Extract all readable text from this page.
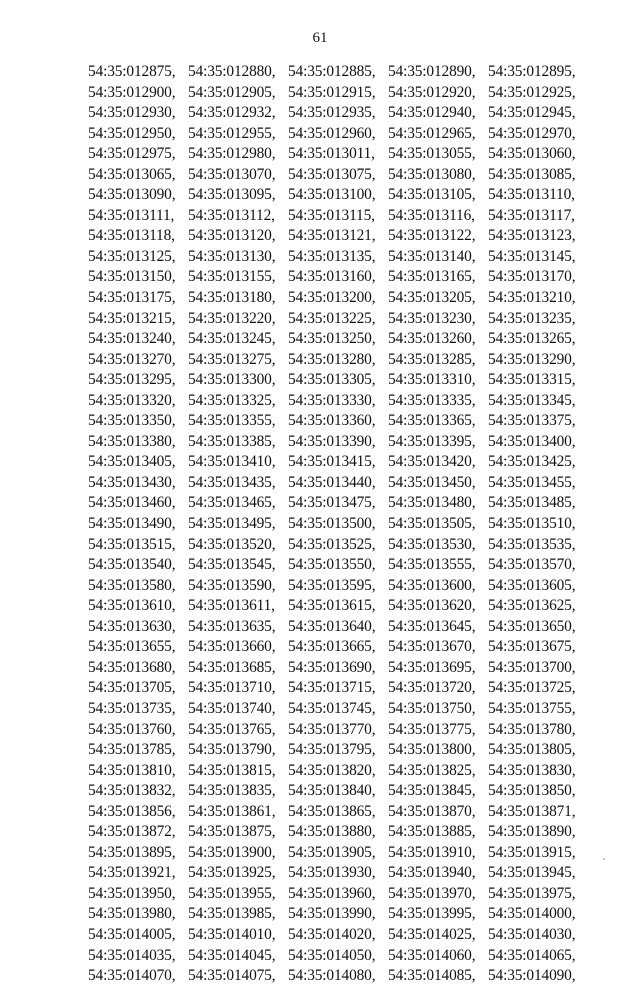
61
54:35:012875, 54:35:012880, 54:35:012885, 54:35:012890, 54:35:012895,
54:35:012900, 54:35:012905, 54:35:012915, 54:35:012920, 54:35:012925,
54:35:012930, 54:35:012932, 54:35:012935, 54:35:012940, 54:35:012945,
54:35:012950, 54:35:012955, 54:35:012960, 54:35:012965, 54:35:012970,
54:35:012975, 54:35:012980, 54:35:013011, 54:35:013055, 54:35:013060,
54:35:013065, 54:35:013070, 54:35:013075, 54:35:013080, 54:35:013085,
54:35:013090, 54:35:013095, 54:35:013100, 54:35:013105, 54:35:013110,
54:35:013111, 54:35:013112, 54:35:013115, 54:35:013116, 54:35:013117,
54:35:013118, 54:35:013120, 54:35:013121, 54:35:013122, 54:35:013123,
54:35:013125, 54:35:013130, 54:35:013135, 54:35:013140, 54:35:013145,
54:35:013150, 54:35:013155, 54:35:013160, 54:35:013165, 54:35:013170,
54:35:013175, 54:35:013180, 54:35:013200, 54:35:013205, 54:35:013210,
54:35:013215, 54:35:013220, 54:35:013225, 54:35:013230, 54:35:013235,
54:35:013240, 54:35:013245, 54:35:013250, 54:35:013260, 54:35:013265,
54:35:013270, 54:35:013275, 54:35:013280, 54:35:013285, 54:35:013290,
54:35:013295, 54:35:013300, 54:35:013305, 54:35:013310, 54:35:013315,
54:35:013320, 54:35:013325, 54:35:013330, 54:35:013335, 54:35:013345,
54:35:013350, 54:35:013355, 54:35:013360, 54:35:013365, 54:35:013375,
54:35:013380, 54:35:013385, 54:35:013390, 54:35:013395, 54:35:013400,
54:35:013405, 54:35:013410, 54:35:013415, 54:35:013420, 54:35:013425,
54:35:013430, 54:35:013435, 54:35:013440, 54:35:013450, 54:35:013455,
54:35:013460, 54:35:013465, 54:35:013475, 54:35:013480, 54:35:013485,
54:35:013490, 54:35:013495, 54:35:013500, 54:35:013505, 54:35:013510,
54:35:013515, 54:35:013520, 54:35:013525, 54:35:013530, 54:35:013535,
54:35:013540, 54:35:013545, 54:35:013550, 54:35:013555, 54:35:013570,
54:35:013580, 54:35:013590, 54:35:013595, 54:35:013600, 54:35:013605,
54:35:013610, 54:35:013611, 54:35:013615, 54:35:013620, 54:35:013625,
54:35:013630, 54:35:013635, 54:35:013640, 54:35:013645, 54:35:013650,
54:35:013655, 54:35:013660, 54:35:013665, 54:35:013670, 54:35:013675,
54:35:013680, 54:35:013685, 54:35:013690, 54:35:013695, 54:35:013700,
54:35:013705, 54:35:013710, 54:35:013715, 54:35:013720, 54:35:013725,
54:35:013735, 54:35:013740, 54:35:013745, 54:35:013750, 54:35:013755,
54:35:013760, 54:35:013765, 54:35:013770, 54:35:013775, 54:35:013780,
54:35:013785, 54:35:013790, 54:35:013795, 54:35:013800, 54:35:013805,
54:35:013810, 54:35:013815, 54:35:013820, 54:35:013825, 54:35:013830,
54:35:013832, 54:35:013835, 54:35:013840, 54:35:013845, 54:35:013850,
54:35:013856, 54:35:013861, 54:35:013865, 54:35:013870, 54:35:013871,
54:35:013872, 54:35:013875, 54:35:013880, 54:35:013885, 54:35:013890,
54:35:013895, 54:35:013900, 54:35:013905, 54:35:013910, 54:35:013915,
54:35:013921, 54:35:013925, 54:35:013930, 54:35:013940, 54:35:013945,
54:35:013950, 54:35:013955, 54:35:013960, 54:35:013970, 54:35:013975,
54:35:013980, 54:35:013985, 54:35:013990, 54:35:013995, 54:35:014000,
54:35:014005, 54:35:014010, 54:35:014020, 54:35:014025, 54:35:014030,
54:35:014035, 54:35:014045, 54:35:014050, 54:35:014060, 54:35:014065,
54:35:014070, 54:35:014075, 54:35:014080, 54:35:014085, 54:35:014090,
